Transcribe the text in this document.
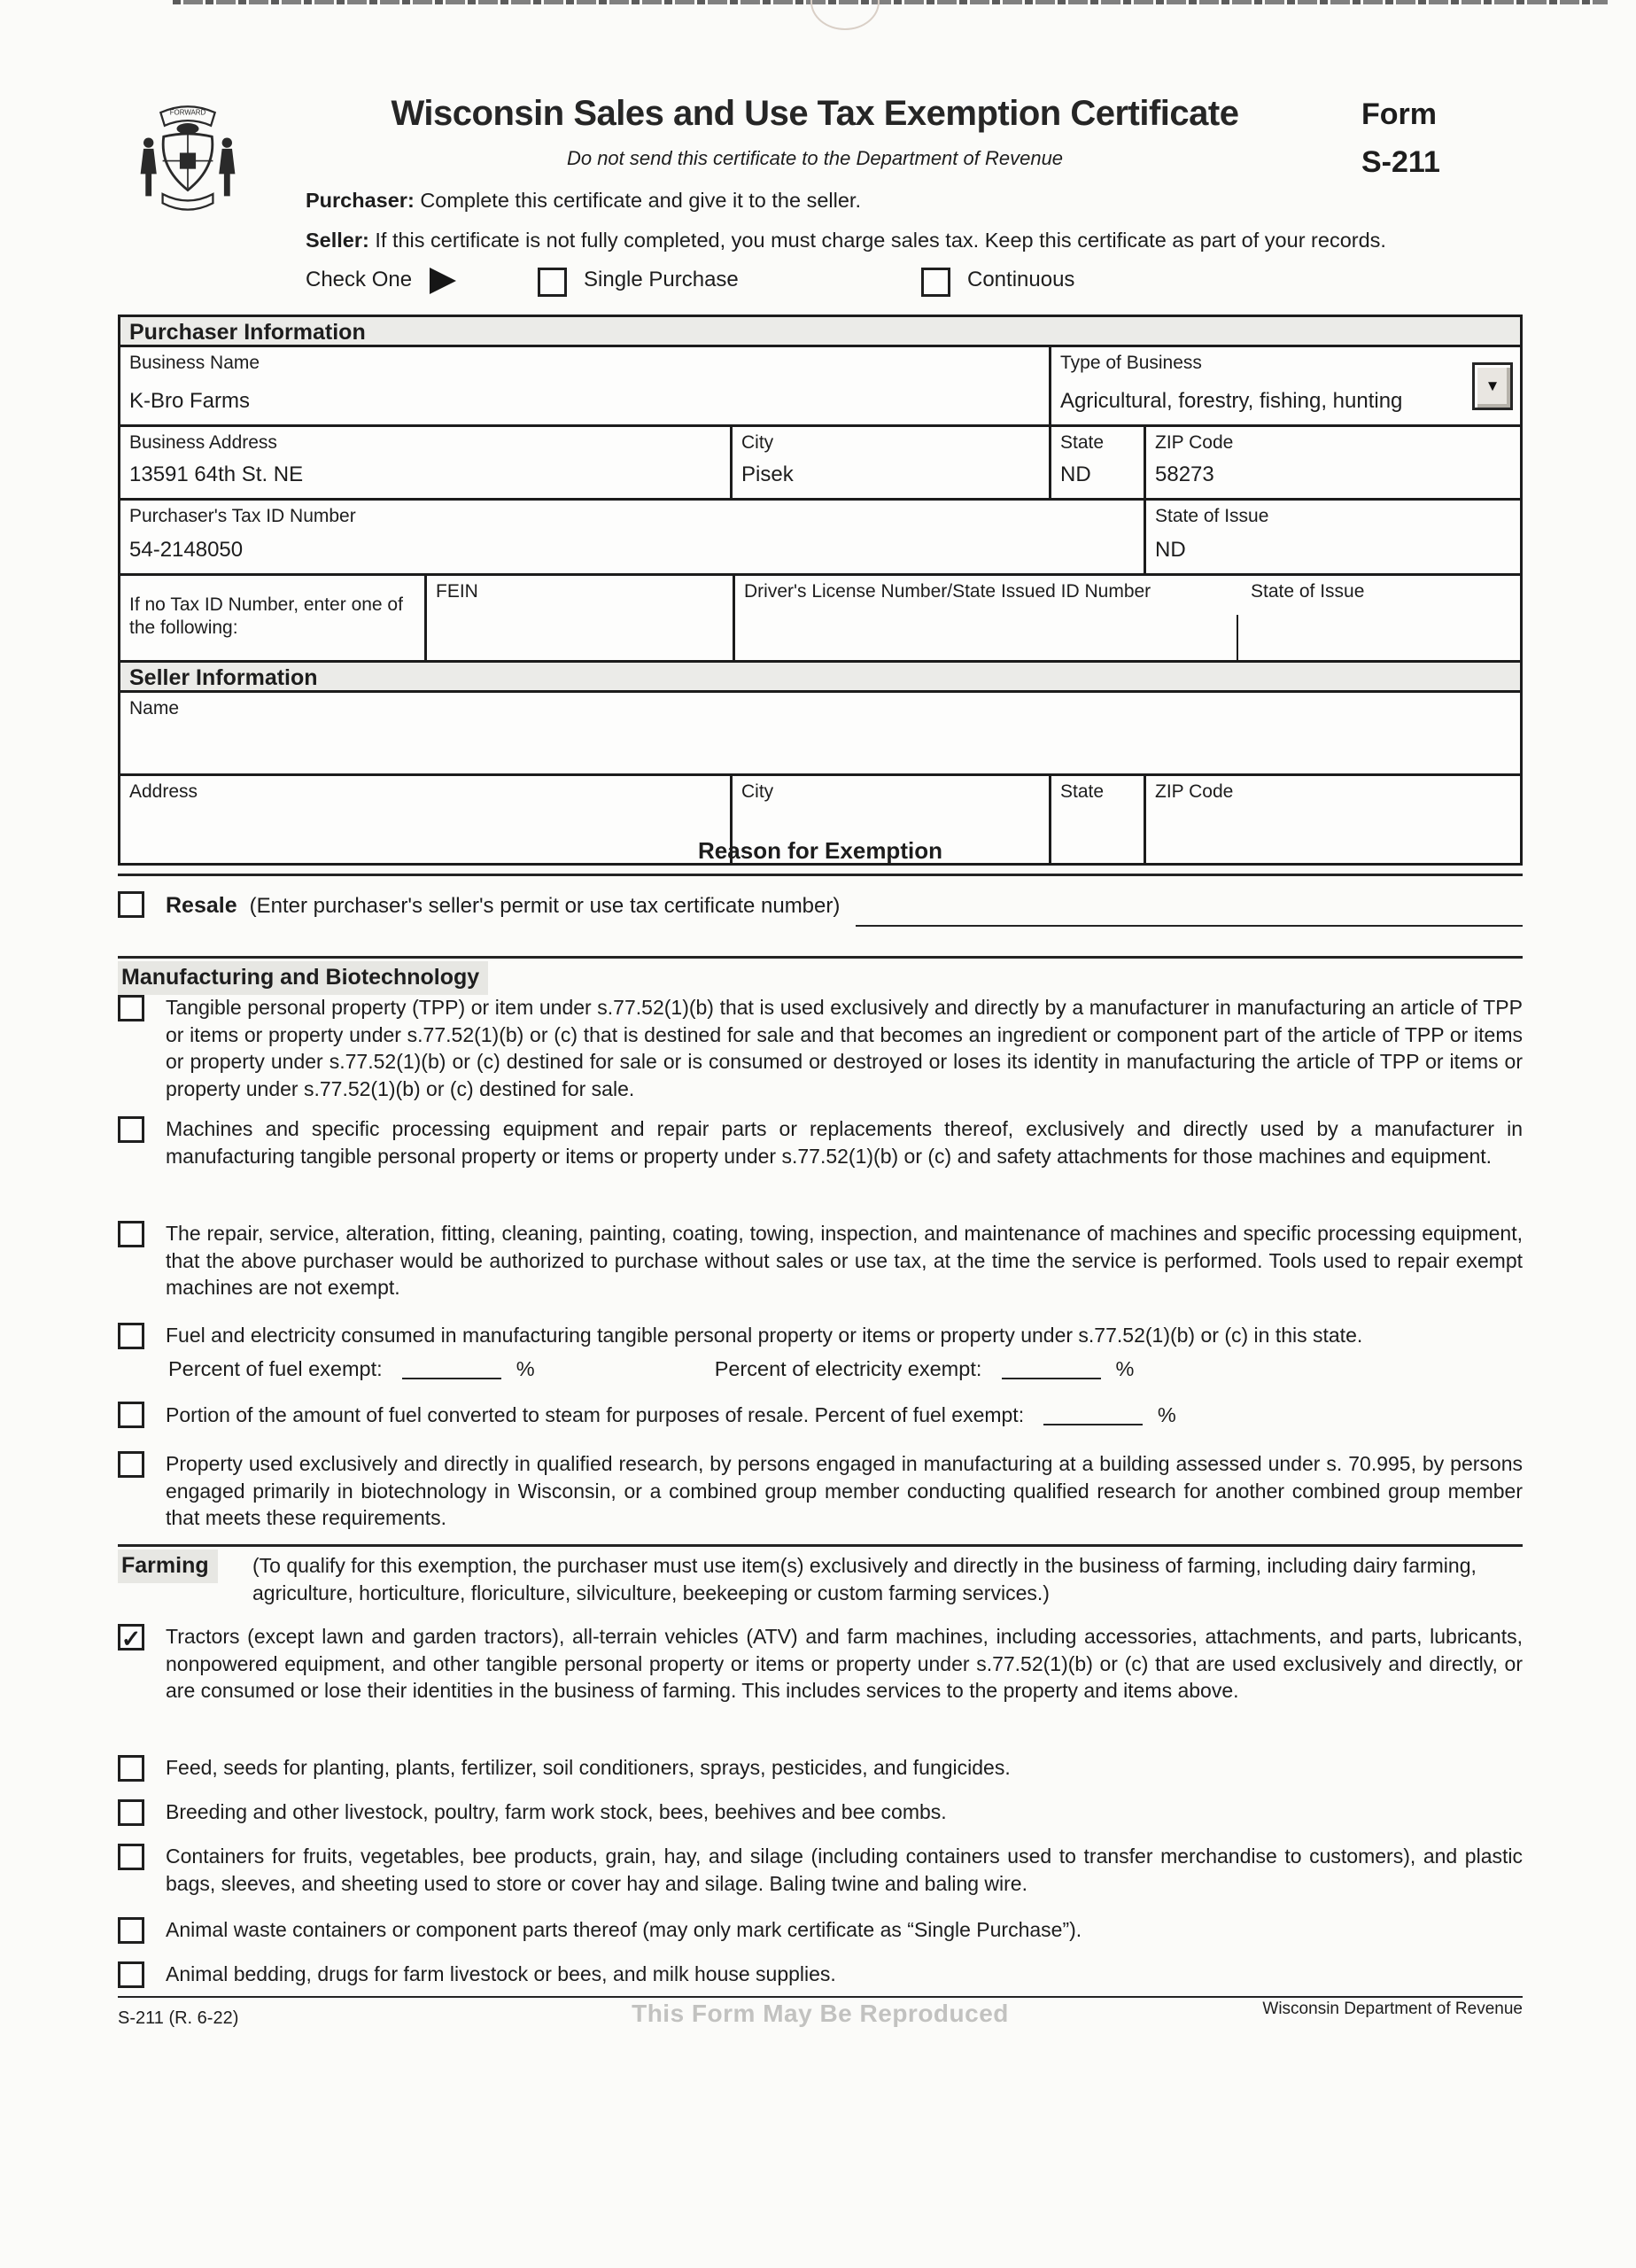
FORWARD	Wisconsin Sales and Use Tax Exemption Certificate
Do not send this certificate to the Department of Revenue
Form
S-211
Purchaser: Complete this certificate and give it to the seller.
Seller: If this certificate is not fully completed, you must charge sales tax. Keep this certificate as part of your records.
Check One	Single Purchase	Continuous
Purchaser Information
Business Name
K-Bro Farms
Type of Business
Agricultural, forestry, fishing, hunting
▼
Business Address
13591 64th St. NE
City
Pisek
State
ND
ZIP Code
58273
Purchaser's Tax ID Number
54-2148050
State of Issue
ND
If no Tax ID Number, enter one of the following:
FEIN	Driver's License Number/State Issued ID Number	State of Issue
Seller Information
Name
Address	City	State	ZIP Code
Reason for Exemption
Resale (Enter purchaser's seller's permit or use tax certificate number)
Manufacturing and Biotechnology
Tangible personal property (TPP) or item under s.77.52(1)(b) that is used exclusively and directly by a manufacturer in manufacturing an article of TPP or items or property under s.77.52(1)(b) or (c) that is destined for sale and that becomes an ingredient or component part of the article of TPP or items or property under s.77.52(1)(b) or (c) destined for sale or is consumed or destroyed or loses its identity in manufacturing the article of TPP or items or property under s.77.52(1)(b) or (c) destined for sale.
Machines and specific processing equipment and repair parts or replacements thereof, exclusively and directly used by a manufacturer in manufacturing tangible personal property or items or property under s.77.52(1)(b) or (c) and safety attachments for those machines and equipment.
The repair, service, alteration, fitting, cleaning, painting, coating, towing, inspection, and maintenance of machines and specific processing equipment, that the above purchaser would be authorized to purchase without sales or use tax, at the time the service is performed. Tools used to repair exempt machines are not exempt.
Fuel and electricity consumed in manufacturing tangible personal property or items or property under s.77.52(1)(b) or (c) in this state.
Percent of fuel exempt:	%	Percent of electricity exempt:	%
Portion of the amount of fuel converted to steam for purposes of resale. Percent of fuel exempt:	%
Property used exclusively and directly in qualified research, by persons engaged in manufacturing at a building assessed under s. 70.995, by persons engaged primarily in biotechnology in Wisconsin, or a combined group member conducting qualified research for another combined group member that meets these requirements.
Farming	(To qualify for this exemption, the purchaser must use item(s) exclusively and directly in the business of farming, including dairy farming, agriculture, horticulture, floriculture, silviculture, beekeeping or custom farming services.)
✓ Tractors (except lawn and garden tractors), all-terrain vehicles (ATV) and farm machines, including accessories, attachments, and parts, lubricants, nonpowered equipment, and other tangible personal property or items or property under s.77.52(1)(b) or (c) that are used exclusively and directly, or are consumed or lose their identities in the business of farming. This includes services to the property and items above.
Feed, seeds for planting, plants, fertilizer, soil conditioners, sprays, pesticides, and fungicides.
Breeding and other livestock, poultry, farm work stock, bees, beehives and bee combs.
Containers for fruits, vegetables, bee products, grain, hay, and silage (including containers used to transfer merchandise to customers), and plastic bags, sleeves, and sheeting used to store or cover hay and silage. Baling twine and baling wire.
Animal waste containers or component parts thereof (may only mark certificate as “Single Purchase”).
Animal bedding, drugs for farm livestock or bees, and milk house supplies.
S-211 (R. 6-22)	This Form May Be Reproduced	Wisconsin Department of Revenue
